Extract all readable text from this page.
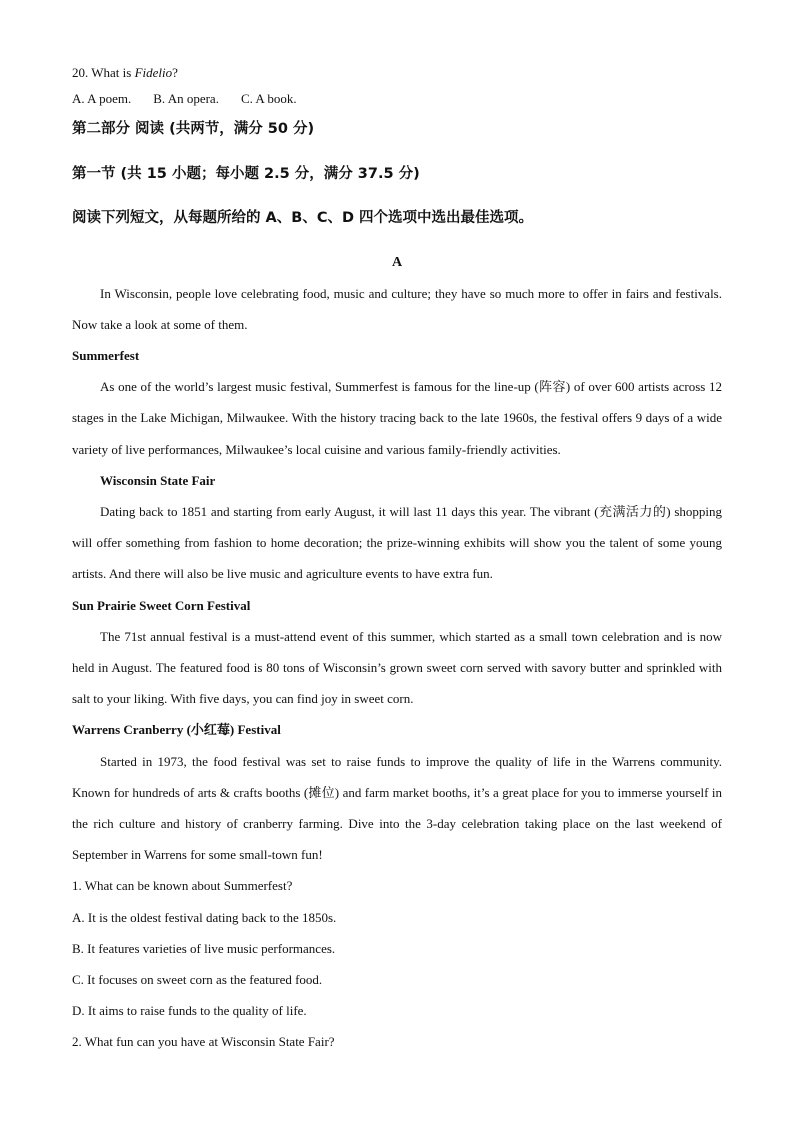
20. What is Fidelio?

A. A poem. B. An opera. C. A book.

第二部分 阅读 (共两节，满分 50 分)

第一节 (共 15 小题；每小题 2.5 分，满分 37.5 分)

阅读下列短文，从每题所给的 A、B、C、D 四个选项中选出最佳选项。

A

In Wisconsin, people love celebrating food, music and culture; they have so much more to offer in fairs and festivals. Now take a look at some of them.

Summerfest

As one of the world’s largest music festival, Summerfest is famous for the line-up (阵容) of over 600 artists across 12 stages in the Lake Michigan, Milwaukee. With the history tracing back to the late 1960s, the festival offers 9 days of a wide variety of live performances, Milwaukee’s local cuisine and various family-friendly activities.

Wisconsin State Fair

Dating back to 1851 and starting from early August, it will last 11 days this year. The vibrant (充满活力的) shopping will offer something from fashion to home decoration; the prize-winning exhibits will show you the talent of some young artists. And there will also be live music and agriculture events to have extra fun.

Sun Prairie Sweet Corn Festival

The 71st annual festival is a must-attend event of this summer, which started as a small town celebration and is now held in August. The featured food is 80 tons of Wisconsin’s grown sweet corn served with savory butter and sprinkled with salt to your liking. With five days, you can find joy in sweet corn.

Warrens Cranberry (小红莓) Festival

Started in 1973, the food festival was set to raise funds to improve the quality of life in the Warrens community. Known for hundreds of arts & crafts booths (摊位) and farm market booths, it’s a great place for you to immerse yourself in the rich culture and history of cranberry farming. Dive into the 3-day celebration taking place on the last weekend of September in Warrens for some small-town fun!

1. What can be known about Summerfest?

A. It is the oldest festival dating back to the 1850s.

B. It features varieties of live music performances.

C. It focuses on sweet corn as the featured food.

D. It aims to raise funds to the quality of life.

2. What fun can you have at Wisconsin State Fair?
